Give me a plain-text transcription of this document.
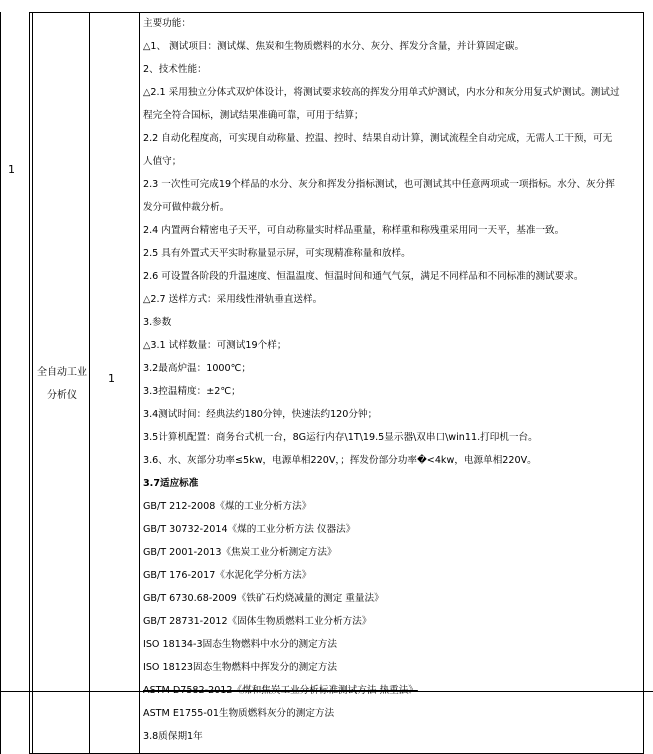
1
全自动工业分析仪
1
主要功能：
△1、 测试项目：测试煤、焦炭和生物质燃料的水分、灰分、挥发分含量，并计算固定碳。
2、技术性能：
△2.1 采用独立分体式双炉体设计，将测试要求较高的挥发分用单式炉测试，内水分和灰分用复式炉测试。测试过
程完全符合国标，测试结果准确可靠，可用于结算；
2.2 自动化程度高，可实现自动称量、控温、控时、结果自动计算，测试流程全自动完成，无需人工干预，可无
人值守；
2.3 一次性可完成19个样品的水分、灰分和挥发分指标测试，也可测试其中任意两项或一项指标。水分、灰分挥
发分可做仲裁分析。
2.4 内置两台精密电子天平，可自动称量实时样品重量，称样重和称残重采用同一天平，基准一致。
2.5 具有外置式天平实时称量显示屏，可实现精准称量和放样。
2.6 可设置各阶段的升温速度、恒温温度、恒温时间和通气气氛，满足不同样品和不同标准的测试要求。
△2.7 送样方式：采用线性滑轨垂直送样。
3.参数
△3.1 试样数量：可测试19个样；
3.2最高炉温：1000℃；
3.3控温精度：±2℃；
3.4测试时间：经典法约180分钟，快速法约120分钟；
3.5计算机配置：商务台式机一台，8G运行内存\1T\19.5显示器\双串口\win11.打印机一台。
3.6、水、灰部分功率≤5kw，电源单相220V，；挥发份部分功率�<4kw，电源单相220V。
3.7适应标准
GB/T 212-2008《煤的工业分析方法》
GB/T 30732-2014《煤的工业分析方法 仪器法》
GB/T 2001-2013《焦炭工业分析测定方法》
GB/T 176-2017《水泥化学分析方法》
GB/T 6730.68-2009《铁矿石灼烧减量的测定 重量法》
GB/T 28731-2012《固体生物质燃料工业分析方法》
ISO 18134-3固态生物燃料中水分的测定方法
ISO 18123固态生物燃料中挥发分的测定方法
ASTM D7582-2012《煤和焦炭工业分析标准测试方法 热重法》
ASTM E1755-01生物质燃料灰分的测定方法
3.8质保期1年
